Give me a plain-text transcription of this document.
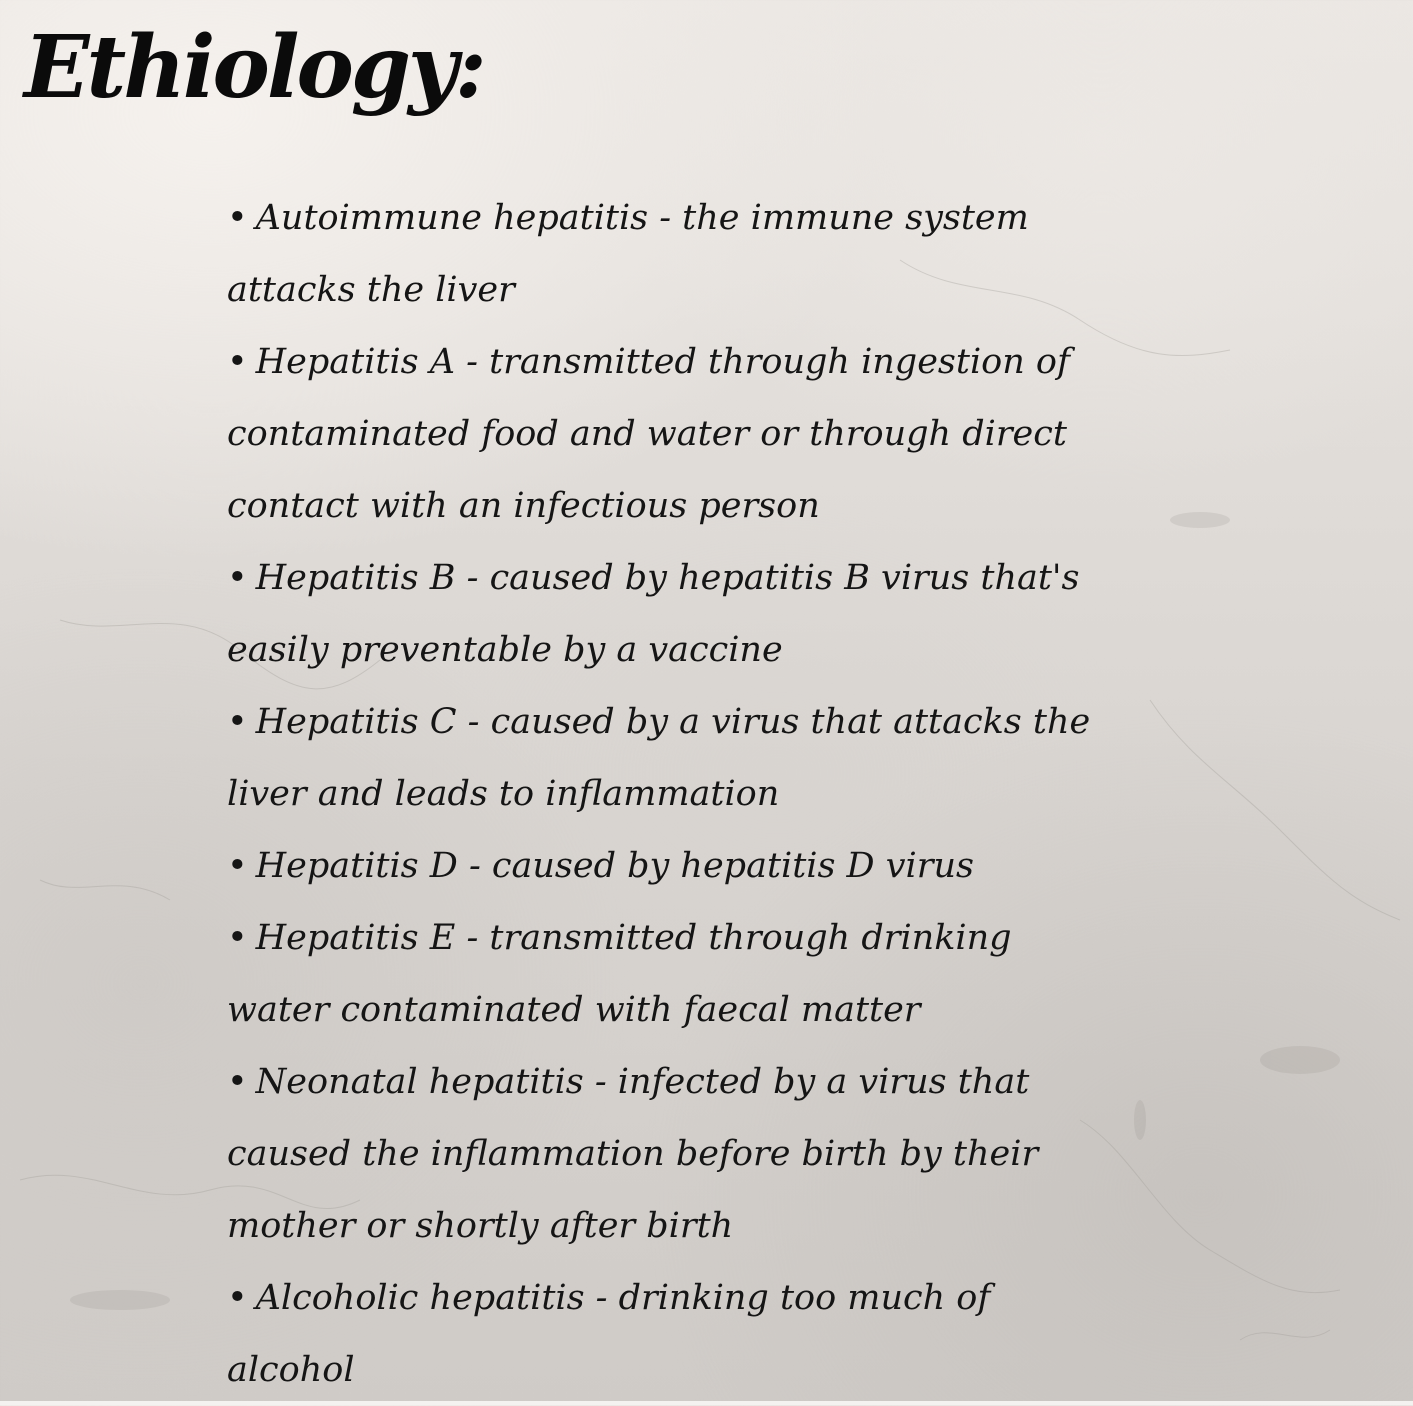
Ethiology:
• Autoimmune hepatitis - the immune system attacks the liver
• Hepatitis A - transmitted through ingestion of contaminated food and water or through direct contact with an infectious person
• Hepatitis B - caused by hepatitis B virus that's easily preventable by a vaccine
• Hepatitis C - caused by a virus that attacks the liver and leads to inflammation
• Hepatitis D - caused by hepatitis D virus
• Hepatitis E - transmitted through drinking water contaminated with faecal matter
• Neonatal hepatitis - infected by a virus that caused the inflammation before birth by their mother or shortly after birth
• Alcoholic hepatitis - drinking too much of alcohol
